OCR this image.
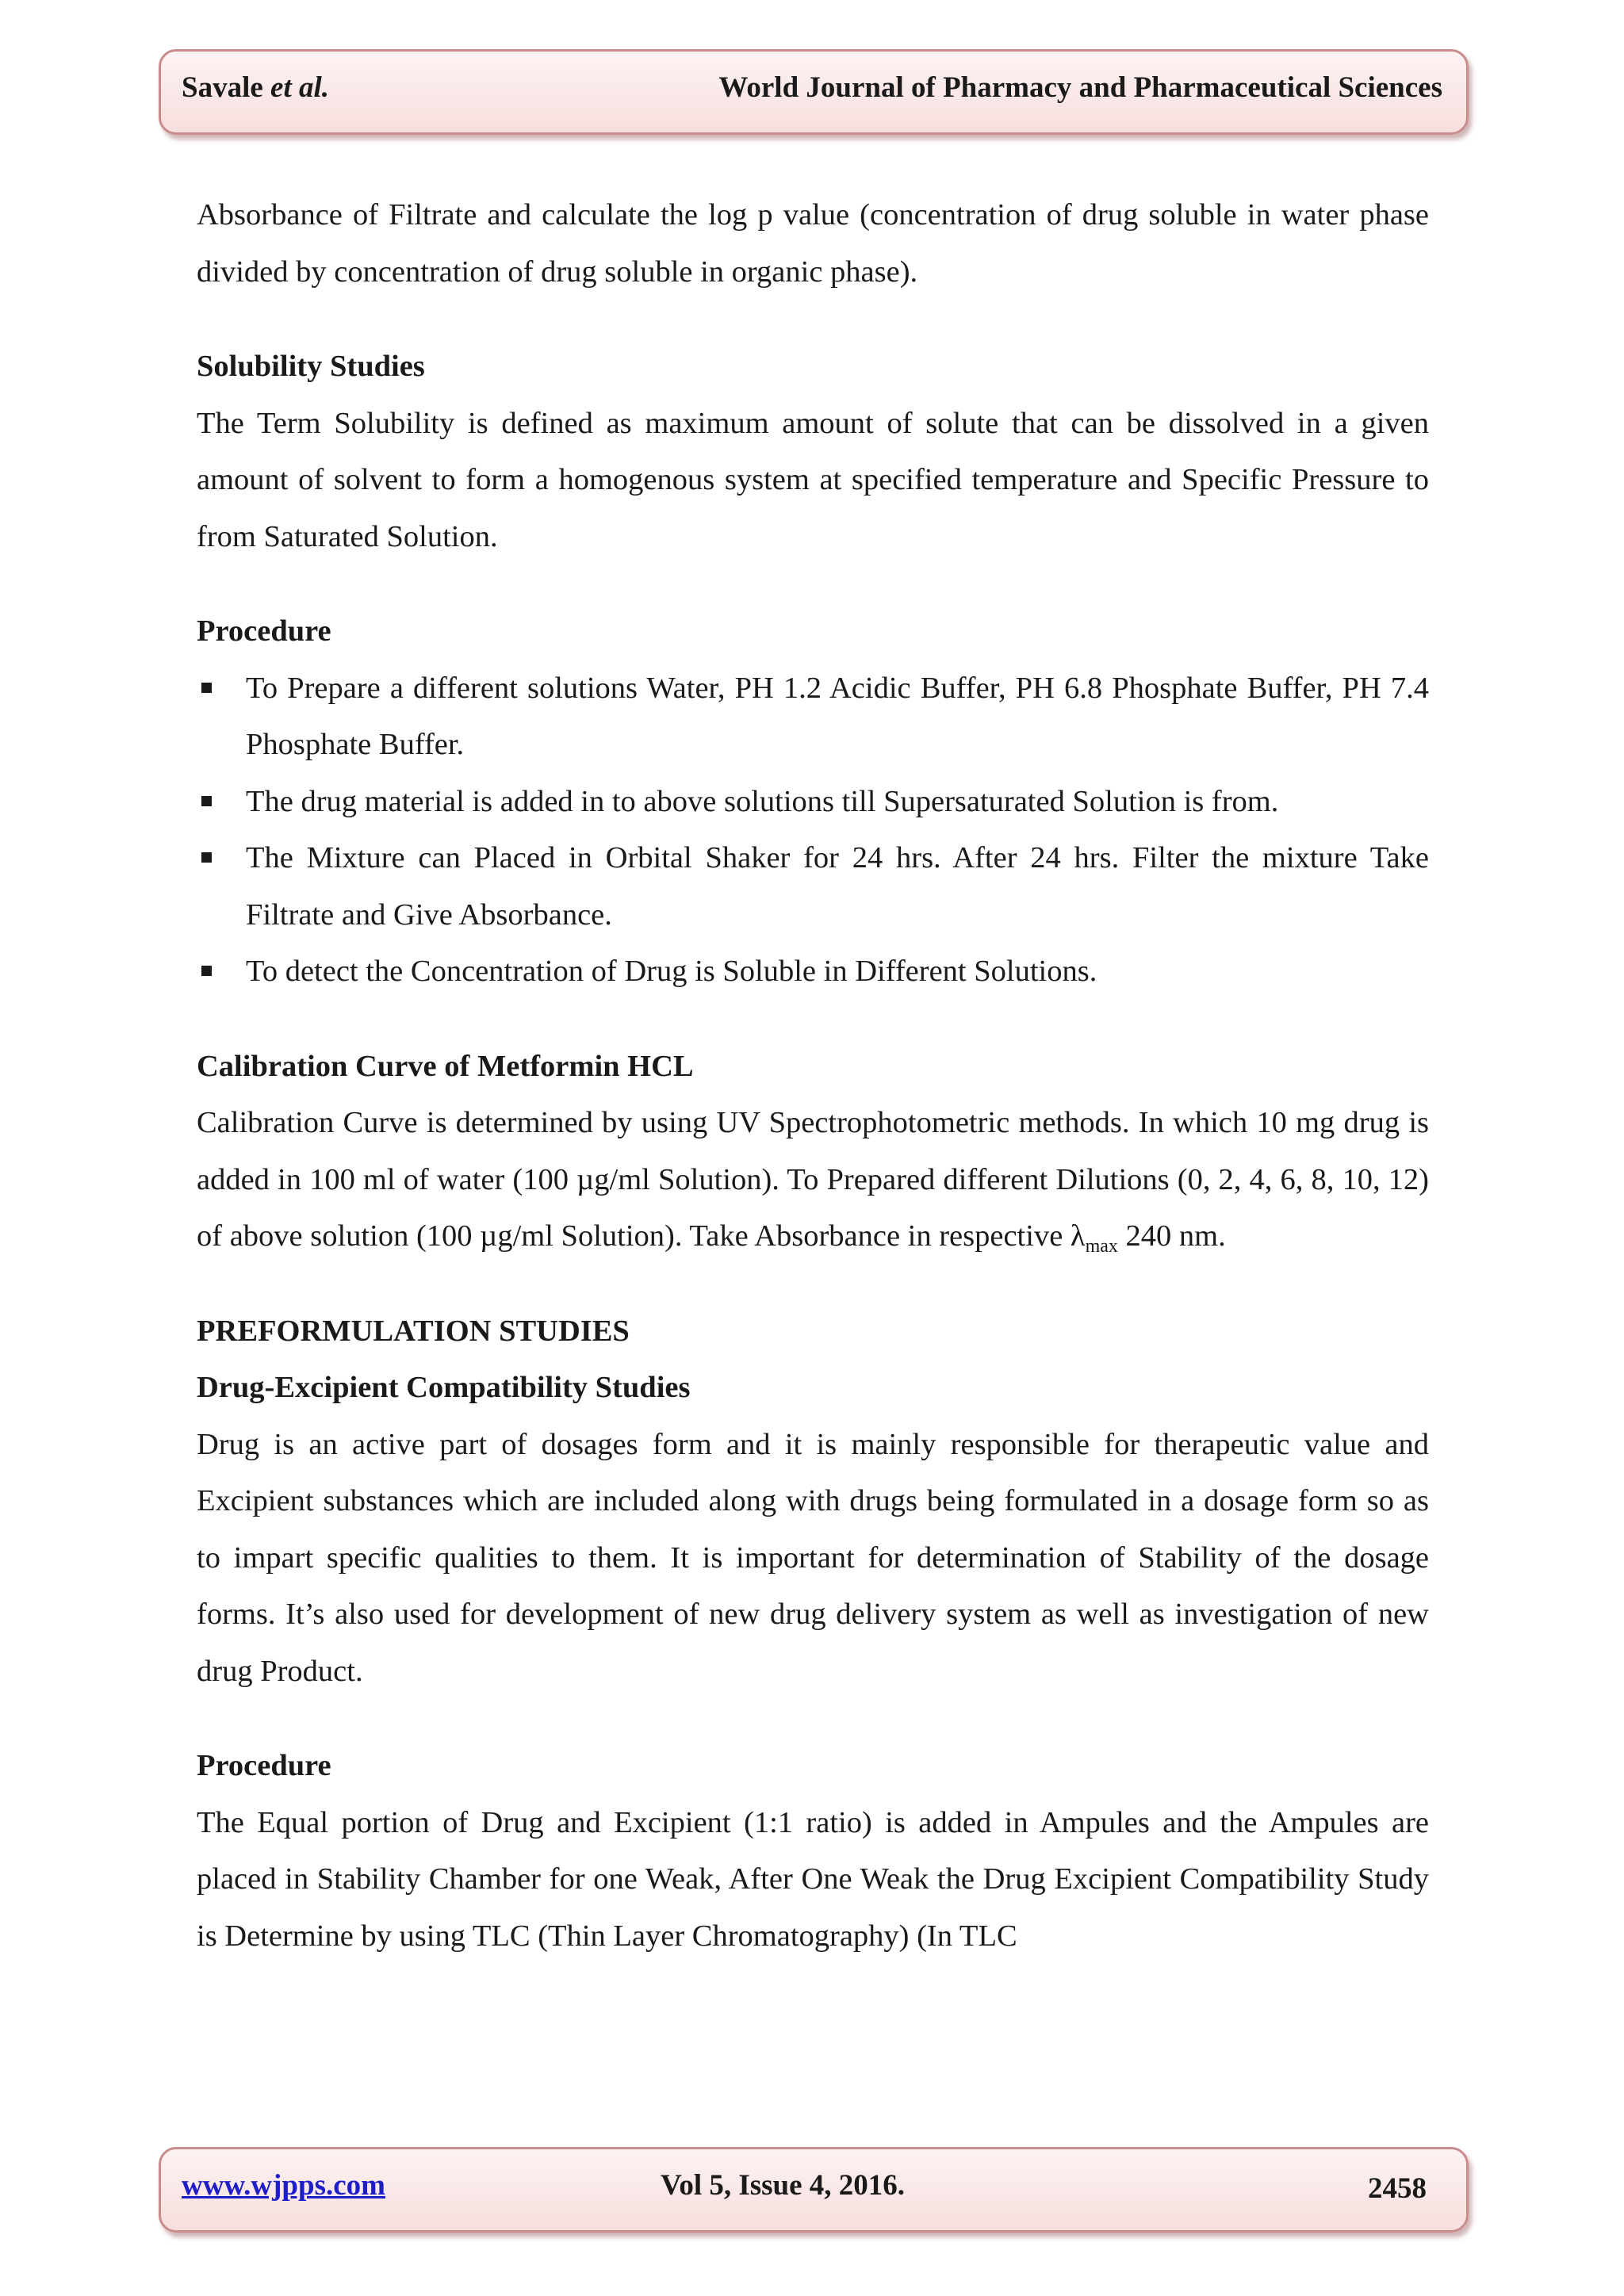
Savale et al.	World Journal of Pharmacy and Pharmaceutical Sciences

Absorbance of Filtrate and calculate the log p value (concentration of drug soluble in water phase divided by concentration of drug soluble in organic phase).

Solubility Studies

The Term Solubility is defined as maximum amount of solute that can be dissolved in a given amount of solvent to form a homogenous system at specified temperature and Specific Pressure to from Saturated Solution.

Procedure
To Prepare a different solutions Water, PH 1.2 Acidic Buffer, PH 6.8 Phosphate Buffer, PH 7.4 Phosphate Buffer.
The drug material is added in to above solutions till Supersaturated Solution is from.
The Mixture can Placed in Orbital Shaker for 24 hrs. After 24 hrs. Filter the mixture Take Filtrate and Give Absorbance.
To detect the Concentration of Drug is Soluble in Different Solutions.
Calibration Curve of Metformin HCL

Calibration Curve is determined by using UV Spectrophotometric methods. In which 10 mg drug is added in 100 ml of water (100 µg/ml Solution). To Prepared different Dilutions (0, 2, 4, 6, 8, 10, 12) of above solution (100 µg/ml Solution). Take Absorbance in respective $\lambda_{max}$ 240 nm.

PREFORMULATION STUDIES
Drug-Excipient Compatibility Studies

Drug is an active part of dosages form and it is mainly responsible for therapeutic value and Excipient substances which are included along with drugs being formulated in a dosage form so as to impart specific qualities to them. It is important for determination of Stability of the dosage forms. It’s also used for development of new drug delivery system as well as investigation of new drug Product.

Procedure

The Equal portion of Drug and Excipient (1:1 ratio) is added in Ampules and the Ampules are placed in Stability Chamber for one Weak, After One Weak the Drug Excipient Compatibility Study is Determine by using TLC (Thin Layer Chromatography) (In TLC

www.wjpps.com	Vol 5, Issue 4, 2016.	2458
